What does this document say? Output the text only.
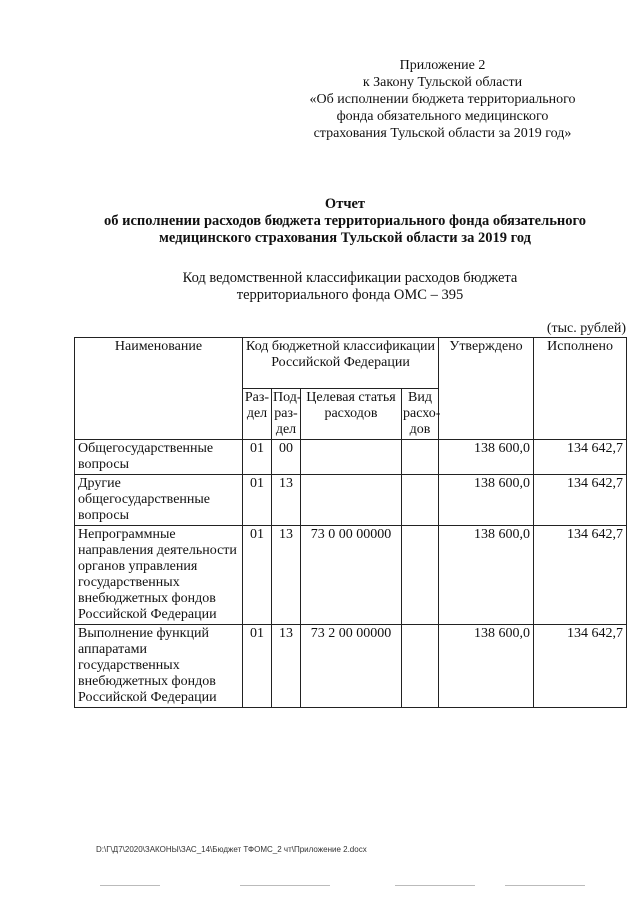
Приложение 2
к Закону Тульской области
«Об исполнении бюджета территориального
фонда обязательного медицинского
страхования Тульской области за 2019 год»
Отчет
об исполнении расходов бюджета территориального фонда обязательного
медицинского страхования Тульской области за 2019 год
Код ведомственной классификации расходов бюджета
территориального фонда ОМС – 395
(тыс. рублей)
Наименование	Код бюджетной классификации Российской Федерации				Утверждено	Исполнено
	Раз-дел	Под-раз-дел	Целевая статья расходов	Вид расхо-дов		
Общегосударственные вопросы	01	00			138 600,0	134 642,7
Другие общегосударственные вопросы	01	13			138 600,0	134 642,7
Непрограммные направления деятельности органов управления государственных внебюджетных фондов Российской Федерации	01	13	73 0 00 00000		138 600,0	134 642,7
Выполнение функций аппаратами государственных внебюджетных фондов Российской Федерации	01	13	73 2 00 00000		138 600,0	134 642,7
D:\Г\Д7\2020\ЗАКОНЫ\ЗАС_14\Бюджет ТФОМС_2 чт\Приложение 2.docx
